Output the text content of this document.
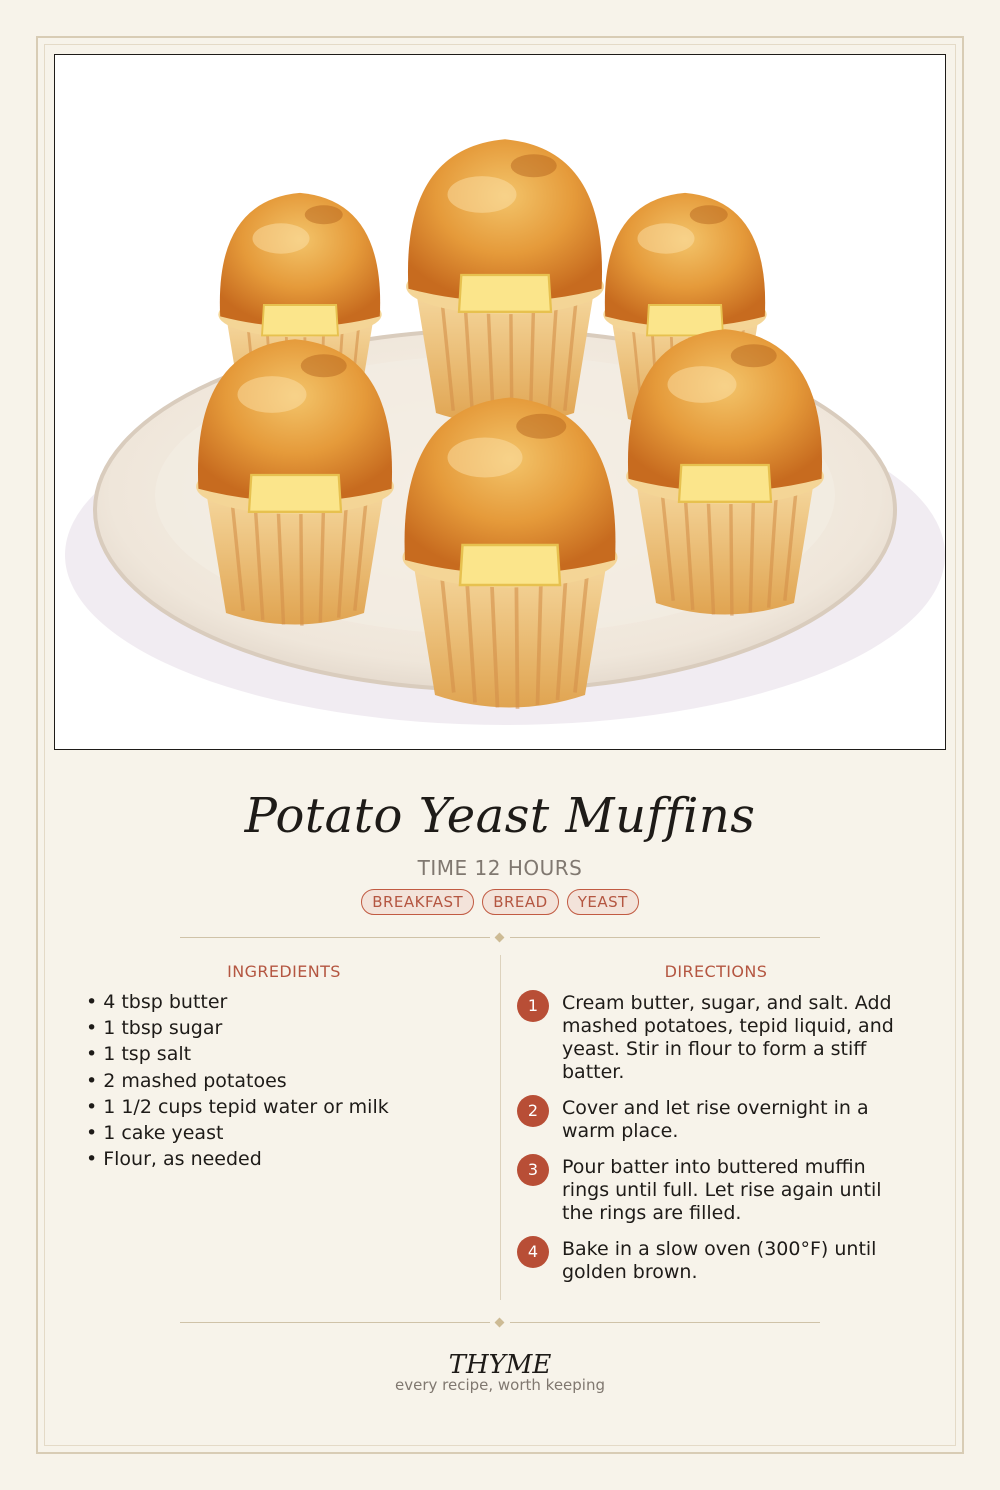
Potato Yeast Muffins
TIME 12 HOURS
BREAKFAST	BREAD	YEAST
INGREDIENTS
• 4 tbsp butter
• 1 tbsp sugar
• 1 tsp salt
• 2 mashed potatoes
• 1 1/2 cups tepid water or milk
• 1 cake yeast
• Flour, as needed
DIRECTIONS
1	Cream butter, sugar, and salt. Add mashed potatoes, tepid liquid, and yeast. Stir in flour to form a stiff batter.
2	Cover and let rise overnight in a warm place.
3	Pour batter into buttered muffin rings until full. Let rise again until the rings are filled.
4	Bake in a slow oven (300°F) until golden brown.
THYME
every recipe, worth keeping
